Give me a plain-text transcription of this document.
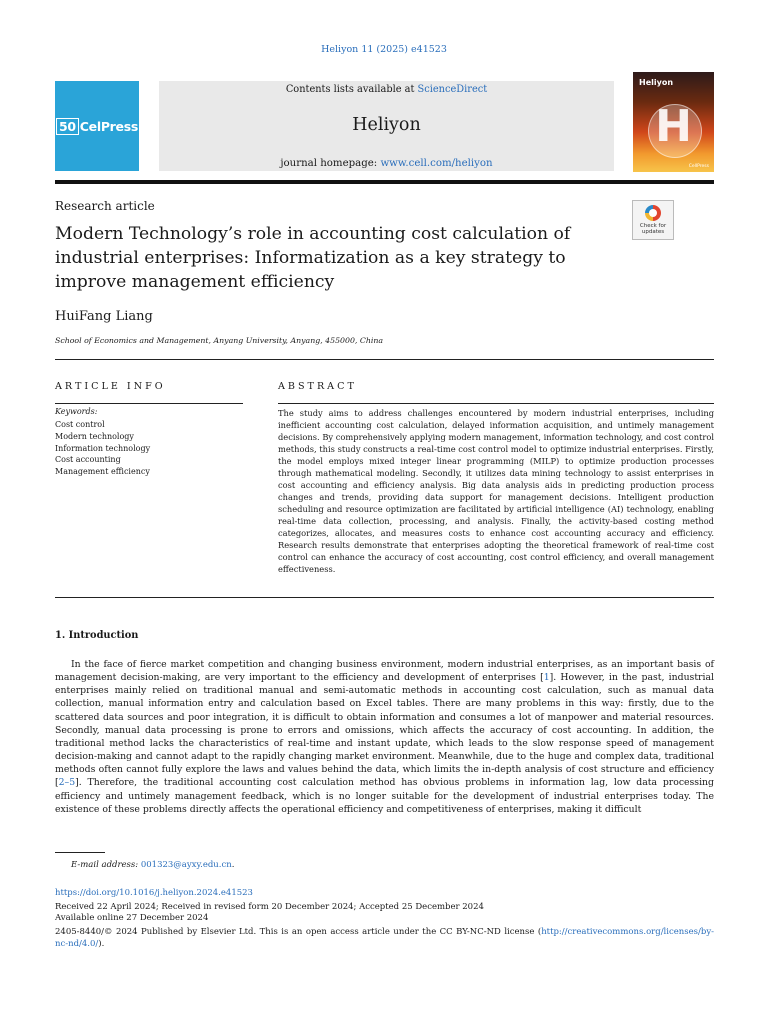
Heliyon 11 (2025) e41523
50 CelPress
Contents lists available at ScienceDirect
Heliyon
journal homepage: www.cell.com/heliyon
Heliyon
H
CellPress
Research article
Modern Technology’s role in accounting cost calculation of industrial enterprises: Informatization as a key strategy to improve management efficiency
Check for updates
HuiFang Liang
School of Economics and Management, Anyang University, Anyang, 455000, China
ARTICLE INFO	ABSTRACT
Keywords:
Cost control
Modern technology
Information technology
Cost accounting
Management efficiency
The study aims to address challenges encountered by modern industrial enterprises, including inefficient accounting cost calculation, delayed information acquisition, and untimely management decisions. By comprehensively applying modern management, information technology, and cost control methods, this study constructs a real-time cost control model to optimize industrial enterprises. Firstly, the model employs mixed integer linear programming (MILP) to optimize production processes through mathematical modeling. Secondly, it utilizes data mining technology to assist enterprises in cost accounting and efficiency analysis. Big data analysis aids in predicting production process changes and trends, providing data support for management decisions. Intelligent production scheduling and resource optimization are facilitated by artificial intelligence (AI) technology, enabling real-time data collection, processing, and analysis. Finally, the activity-based costing method categorizes, allocates, and measures costs to enhance cost accounting accuracy and efficiency. Research results demonstrate that enterprises adopting the theoretical framework of real-time cost control can enhance the accuracy of cost accounting, cost control efficiency, and overall management effectiveness.
1. Introduction
In the face of fierce market competition and changing business environment, modern industrial enterprises, as an important basis of management decision-making, are very important to the efficiency and development of enterprises [1]. However, in the past, industrial enterprises mainly relied on traditional manual and semi-automatic methods in accounting cost calculation, such as manual data collection, manual information entry and calculation based on Excel tables. There are many problems in this way: firstly, due to the scattered data sources and poor integration, it is difficult to obtain information and consumes a lot of manpower and material resources. Secondly, manual data processing is prone to errors and omissions, which affects the accuracy of cost accounting. In addition, the traditional method lacks the characteristics of real-time and instant update, which leads to the slow response speed of management decision-making and cannot adapt to the rapidly changing market environment. Meanwhile, due to the huge and complex data, traditional methods often cannot fully explore the laws and values behind the data, which limits the in-depth analysis of cost structure and efficiency [2–5]. Therefore, the traditional accounting cost calculation method has obvious problems in information lag, low data processing efficiency and untimely management feedback, which is no longer suitable for the development of industrial enterprises today. The existence of these problems directly affects the operational efficiency and competitiveness of enterprises, making it difficult
E-mail address: 001323@ayxy.edu.cn.
https://doi.org/10.1016/j.heliyon.2024.e41523
Received 22 April 2024; Received in revised form 20 December 2024; Accepted 25 December 2024
Available online 27 December 2024
2405-8440/© 2024 Published by Elsevier Ltd. This is an open access article under the CC BY-NC-ND license (http://creativecommons.org/licenses/by-nc-nd/4.0/).
